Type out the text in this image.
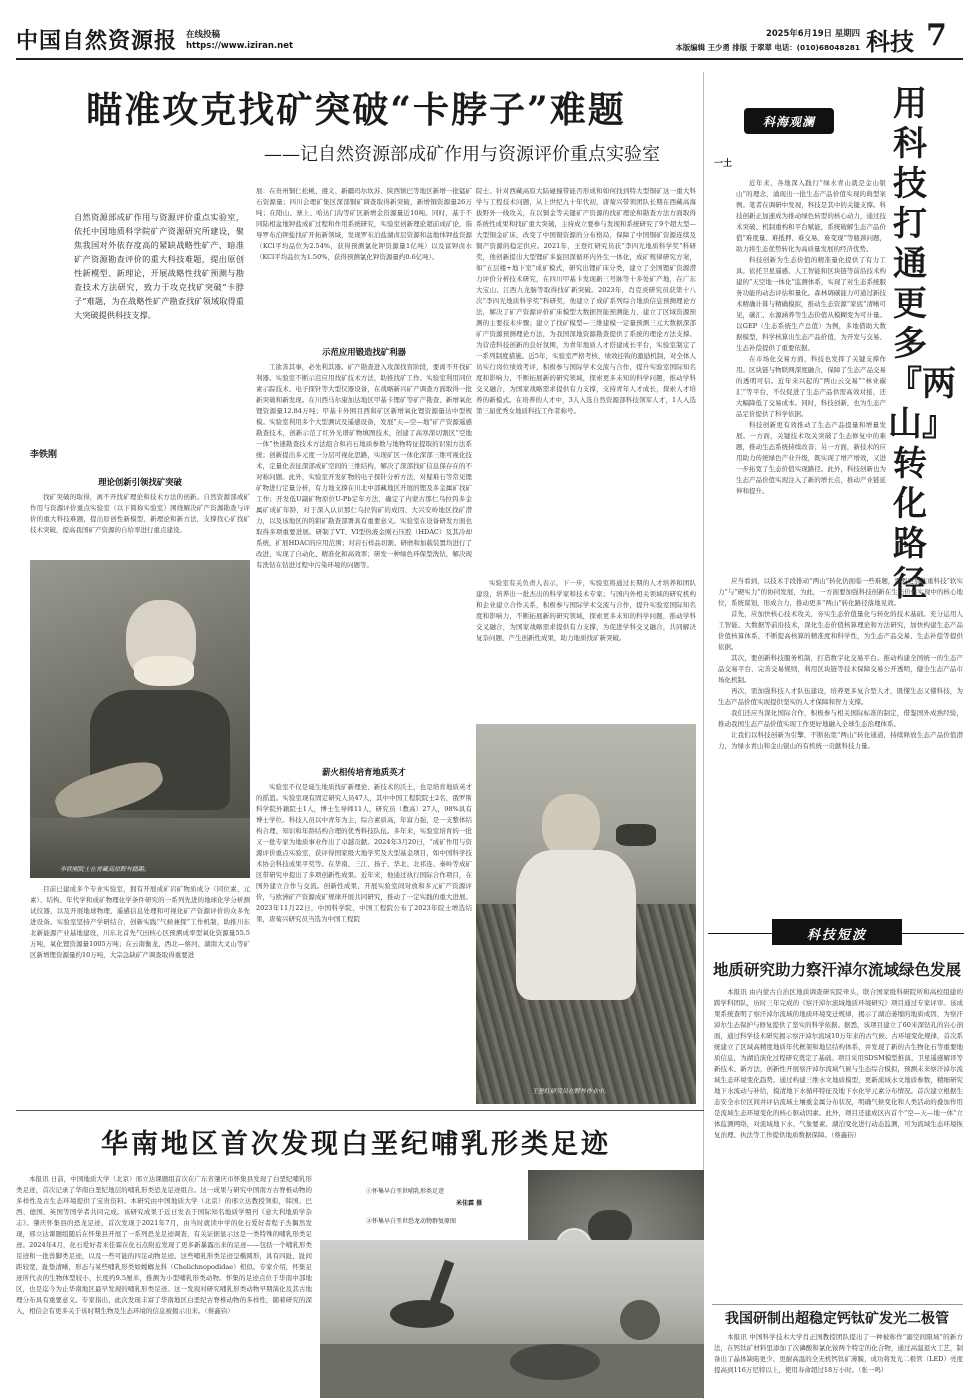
中国自然资源报 在线投稿
https://www.iziran.net
2025年6月19日 星期四
本版编辑 王少勇 排版 于翠翠 电话：(010)68048281 科技 7
瞄准攻克找矿突破“卡脖子”难题
——记自然资源部成矿作用与资源评价重点实验室
自然资源部成矿作用与资源评价重点实验室，依托中国地质科学院矿产资源研究所建设，聚焦我国对外依存度高的紧缺战略性矿产、暗准矿产资源勘查评价的重大科技难题，提出原创性新模型、新理论，开展战略性找矿预测与勘查技术方法研究，致力于攻克找矿突破“卡脖子”难题，为在战略性矿产勘查找矿领域取得重大突破提供科技支撑。
李铁刚
理论创新引领找矿突破

找矿突破的取得，离不开找矿理论和技术方法的创新。自然资源部成矿作用与资源评价重点实验室（以下简称实验室）围绕解决矿产资源勘查与评价的重大科技难题，提出原创性新模型、新理论和新方法，支撑找心矿找矿技术突破，提高我国矿产资源的自给率进行重点建设。

李铁刚院士在青藏高原野外踏勘。

目前已建成多个专业实验室，拥有开展成矿岩矿物质成分（同位素、元素）、结构、年代学和成矿物理化学条件研究的一系列先进的地球化学分析测试仪器，以及开展地球物理、遥感信息处理和可视化矿产资源评价的众多先进设备。实验室坚持产学研结合，创新实践“气候兼探”工作机制，助推川东北新能源产业基地建设，川东北首先气田核心区预测成率型氧化资源量55.5万吨，氧化锂资源量1005万吨；在云南衡龙、西北—蔡河、湖南大叉山等矿区新增锂资源量约10万吨，大宗急缺矿产调查取得重要进

展：在贵州铜仁松桃、遵义、新疆玛尔坎苏、陕西镇巴等地区新增一批锰矿石资源量；四川会理矿集区深部铜矿调查取得新突破，新增铜资源量26万吨；在阳山、寨上、哈达门沟等矿区新增金资源量近10吨。同时，基于不同陆相盆地钾盐成矿过程和作用系统研究，实验室创新理论超前成矿论，指导罗布泊钾盐找矿开拓新领域，发现罗布泊盐湖卤层资源和盆地体钾盐资源（KCl平均品位为2.54%，获得预测氯化钾资源量1亿吨）以及富钾卤水（KCl平均品位为1.50%，获得预测氯化钾资源量约0.6亿吨）。

示范应用锻造找矿利器

工欲善其事，必先利其器。矿产勘查进入攻深找盲阶段，要离不开找矿利器。实验室不断示范应用找矿技术方法，助推找矿工作。实验室利用同位素示踪技术、电子探针等大型仪器设备，在战略新兴矿产调查方面取得一批新突破和新发现。在川西马尔康加达地区甲基卡锂矿等矿产勘查、新增氧化锂资源量12.84万吨；甲基卡外围目西和矿区新增氧化锂资源量达中型规模。实验室利用多个大型测试及遥感设备，发展“天—空—地”矿产资源遥感勘查技术，创新示范了红外光谱矿物填图技术，创建了高寒深切割区“空地一体”快速勘查技术方法组合和岩石地质参数与地物特征提取的识别方法系统；创新提出多元度一分层可视化思路，实现矿区一体化深部三维可视化技术，定量化表征深部成矿空间的三维结构，解决了深部找矿信息保存在的不对称问题。此外，实验室开发矿物的电子探针分析方法，对疑难石等常见锂矿物进行定量分析，有力地支撑在川北中部藏地区开展的锂及多金属矿找矿工作；开发低U副矿物原位U-Pb定年方法，确定了内蒙古那仁乌拉钨多金属矿成矿年龄，对于深入认识那仁乌拉钨矿的成因、大兴安岭地区找矿潜力，以及该地区的钨钼矿勘查部署具有重要意义。实验室在设备研发方面也取得多项重要进展。研制了VT、VI型热液金刚石压腔（HDAC）及其冷却系统，扩展HDAC的应用范围；对岩石样品切割、研磨和加载装置均进行了改进，实现了自动化、精准化和高效率；研发一种绿色环保型洗钻，解决现有洗钻在钻进过程中污染环境的问题等。

薪火相传培育地质英才

实验室不仅是诞生地质找矿新理论、新技术的沃土，也是培育地质英才的摇篮。实验室现有固定研究人员47人，其中中国工程院院士2名，俄罗斯科学院外籍院士1人，博士生导师11人，研究员（教高）27人，98%具有博士学位。科技人员以中青年为主，综合素质高，年富力强，是一支整体结构合理、知识和年龄结构合理的优秀科技队伍。多年来，实验室培育的一批又一批专家为地质事业作出了卓越贡献。2024年3月20日，“成矿作用与资源评价重点实验室，获评得国家级大地学奖及大型基金项目，如中国科学技术协会科技成果平奖等。在华南、三江、扬子、华北、北祁连、秦岭等成矿区带研究中提出了多项创新性成果。近年来，他通过执行国际合作项目，在国外建立合作与交流。创新性成果、开展实验室间对放和多元矿产资源评价，与欧洲矿产资源成矿规律开展共同研究，推动了一定实践的重大进展。2023年11月22日，中国科学院、中国工程院公布了2023年院士增选结果，唐菊兴研究员当选为中国工程院

院士。针对西藏高原大陆碰撞带能否形成和如何找到特大型铜矿这一重大科学与工程技术问题，从上世纪九十年代初，唐菊兴带领团队长期在西藏高海拔野外一线攻关，在以铜金等关键矿产资源的找矿理论和勘查方法方面取得系统性成果和找矿重大突破，主持成立要参与发现和系统研究了9个超大型—大型铜金矿床，改变了中国铜资源的分布格局，保障了中国铜矿资源连续及铜产资源的稳定供应。2021年，王登红研究员获“李四光地质科学奖”科研奖，他创新提出大型锂矿多旋回深循环内外生一体化，成矿规律研究方案，如“五层楼+地下室”成矿模式，研究出锂矿床分类，建立了全国锂矿资源潜力评价分析技术研究，在四川甲基卡发现新三号脉等十多处矿产地，在广东大宝山、江西九龙脑等取得找矿新突破。2023年，肖克炎研究员获第十八次“李四光地质科学奖”科研奖，他建立了成矿系列综合地质信息预测理论方法，解决了矿产资源评价矿床模型大数据智能预测能力，建立了区域资源预测的主要技术步骤；建立了找矿模型—三维建模一定量预测三元大数据深部矿产资源预测理论方法，为我国深地资源勘查提供了系统的理论方法支撑。为营造科技创新的良好氛围，为青年地质人才搭建成长平台，实验室制定了一系列制度措施。近5年，实验室严格考核、绩效挂钩的激励机制，对全体人员实行岗位绩效考评，积极参与国际学术交流与合作，提升实验室国际知名度和影响力，不断拓展新的研究领域，探索更多未知的科学问题，推动学科交叉融合，为国家战略需求提供有力支撑，支持青年人才成长，探索人才培养的新模式。在培养的人才中，3人入选自然资源部科技领军人才，1人入选第三届优秀女地质科技工作者称号。

实验室有关负责人表示，下一步，实验室将通过长期的人才培养和团队建设，培养出一批杰出的科学家和技术专家；与国内外相关领域的研究机构和企业建立合作关系，积极参与国际学术交流与合作，提升实验室国际知名度和影响力，不断拓展新的研究领域，探索更多未知的科学问题，推动学科交叉融合，为国家战略需求提供有力支撑，为促进学科交叉融合，共同解决复杂问题，产生创新性成果，助力地质找矿新突破。

王登红研究员在野外作业中。
科海观澜	用科技打通更多『两山』转化路径
一土

近年来，各地深入践行“绿水青山就是金山银山”的理念，涌现出一批生态产品价值实现的典型案例。笔者在调研中发现，科技是其中的关键支撑。科技创新正加速成为推动绿色转型的核心动力，通过技术突破、机制重构和平台赋能，系统破解生态产品价值“难度量、难抵押、难交易、难变现”等瓶颈问题，助力将生态优势转化为高质量发展的经济优势。

科技创新为生态价值的精准量化提供了有力工具。依托卫星遥感、人工智能和区块链等前沿技术构建的“天空地一体化”监测体系，实现了对生态系统服务功能的动态评估和量化。森林调碳能力可通过新技术精确计算与精确模拟，推动生态资源“家底”清晰可见，碳汇、水源涵养等生态价值从模糊变为可计量。以GEP（生态系统生产总值）为例，多地借助大数据模型，科学核算出生态产品价值，为开发与交易、生态补偿提供了重要依据。

在市场化交易方面，科技也发挥了关键支撑作用。区块链与物联网深度融合，保障了生态产品交易的透明可信。近年来兴起的“两山云交易”“林业碳汇”等平台，不仅促进了生态产品供需高效对接，还大幅降低了交易成本。同时，科技创新，也为生态产品定价提供了科学依据。

科技创新更有效推动了生态产品提量和增量发展。一方面，关键技术攻关突破了生态修复中的难题，推动生态系统持续改善；另一方面，新技术的应用助力传统绿色产业升级，既实现了增产增效，又进一步拓宽了生态价值实现路径。此外，科技创新也为生态产品价值实现注入了新的增长点，推动产业链延伸和提升。

应当看到，以技术手段推动“两山”转化仍面临一些难题，需要更加注重科技“软实力”与“硬实力”的协同发展，为此，一方面要加强科技创新在生态价值实现中的核心地位，系统谋划，形成合力，推动更多“两山”转化路径落地见效。

首先，应加快核心技术攻关，夯实生态价值量化与转化的技术基础。充分运用人工智能、大数据等前沿技术，深化生态价值核算理论和方法研究，加快构建生态产品价值核算体系，不断提高核算的精准度和科学性，为生态产品交易、生态补偿等提供依据。

其次，要创新科技服务机制，打造数字化交易平台。推动构建全国统一的生态产品交易平台，完善交易规则，利用区块链等技术保障交易公开透明，健全生态产品市场化机制。

再次，需加强科技人才队伍建设，培养更多复合型人才，既懂生态又懂科技，为生态产品价值实现提供坚实的人才保障和智力支撑。

我们还应当深化国际合作，积极参与相关国际标准的制定，借鉴国外成熟经验，推动我国生态产品价值实现工作更好地融入全球生态治理体系。

让我们以科技创新为引擎，不断拓宽“两山”转化通道，持续释放生态产品价值潜力，为绿水青山和金山银山的有机统一贡献科技力量。

科技短波
地质研究助力察汗淖尔流域绿色发展

本报讯 由内蒙古自治区地质调查研究院牵头，联合国家级科研院所和高校组建的跨学科团队，历时三年完成的《察汗淖尔流域地质环境研究》项目通过专家评审。该成果系统查明了察汗淖尔流域的地质环境变迁规律，揭示了湖泊萎缩的地质成因，为察汗淖尔生态保护与修复提供了坚实的科学依据。据悉，该项目建立了60米深钻孔的岩心剖面，通过科学技术研究揭示察汗淖尔流域10万年来的古气候、古环境变化规律，首次系统建立了区域高精度地质年代框架和地层结构体系，并发现了新的古生物化石等重要地质信息，为湖泊演化过程研究奠定了基础。项目采用SDSM模型推演、卫星遥感解译等新技术、新方法，创新性开展察汗淖尔流域气候与生态综合模拟，预测未来察汗淖尔流域生态环境变化趋势。通过构建三维水文地质模型，更新流域水文地质参数，精细研究地下水流动与补给，摸清地下水循环特征及地下水化学元素分布情况。首次建立根据生态安全水位区间并评估流域土壤重金属分布状况，明确气候变化和人类活动的叠加作用是流域生态环境变化的核心驱动因素。此外，项目还建成区内首个“空—天—地一体”立体监测网络，对流域地下水、气象要素、湖泊变化进行动态监测，可为流域生态环境恢复治理、执法等工作提供地质数据保障。（蔡鑫钧）

我国研制出超稳定钙钛矿发光二极管

本报讯 中国科学技术大学肖正国教授团队提出了一种被称作“溺空间限域”的新方法，在钙钛矿材料里添加了次磷酸和氯化铵两个特定的化合物，通过高温退火工艺，制备出了晶体缺陷更少、更耐高温的全无机钙钛矿薄膜，成功将发光二极管（LED）亮度提高到116万尼特以上，使用寿命超过18万小时。（张一鸣）

华南地区首次发现白垩纪哺乳形类足迹

本报讯 日前，中国地质大学（北京）邢立达课题组首次在广东省肇庆市怀集县发现了白垩纪哺乳形类足迹，首次记录了华南白垩纪地层的哺乳形类恐龙足迹组合。这一成果与研究中国南方古脊椎动物的多样性及古生态环境提供了宝贵资料。本研究由中国地质大学（北京）的邢立达教授领衔，韩国、巴西、德国、英国等国学者共同完成。该研究成果于近日发表于国际知名地质学期刊《意大利地质学杂志》。肇庆怀集县的恐龙足迹，首次发现于2021年7月，由当时就读中学的化石爱好者程子杰偶然发现，邢立达课题组随后在怀集县开展了一系列恐龙足迹调查，有关证据显示这是一类特殊的哺乳形类足迹。2024年4月，化石爱好者米佳霖在化石点附近发现了更多新暴露出来的足迹——包括一个哺乳形类足迹和一批兽脚类足迹，以及一些可能的四足动物足迹。这些哺乳形类足迹呈椭圆形，具有四趾，趾间距较宽，趾垫清晰，形态与某些哺乳形类如螳螂龙科（Chelichnopodidae）相似。专家介绍，怀集足迹所代表的生物体型较小，长度约9.5厘米，推测为小型哺乳形类动物。怀集的足迹点位于华南中部地区，也是迄今为止华南地区最早发现的哺乳形类足迹。这一发现对研究哺乳形类动物早期演化及其古地理分布具有重要意义。专家指出，此次发现丰富了华南地区白垩纪古脊椎动物的多样性，随着研究的深入，相信会有更多关于该时期生物及生态环境的信息被揭示出来。（蔡鑫钧）

①怀集早白垩世哺乳形类足迹
米佳霖 摄
②怀集早白垩世恐龙动物群复原图
